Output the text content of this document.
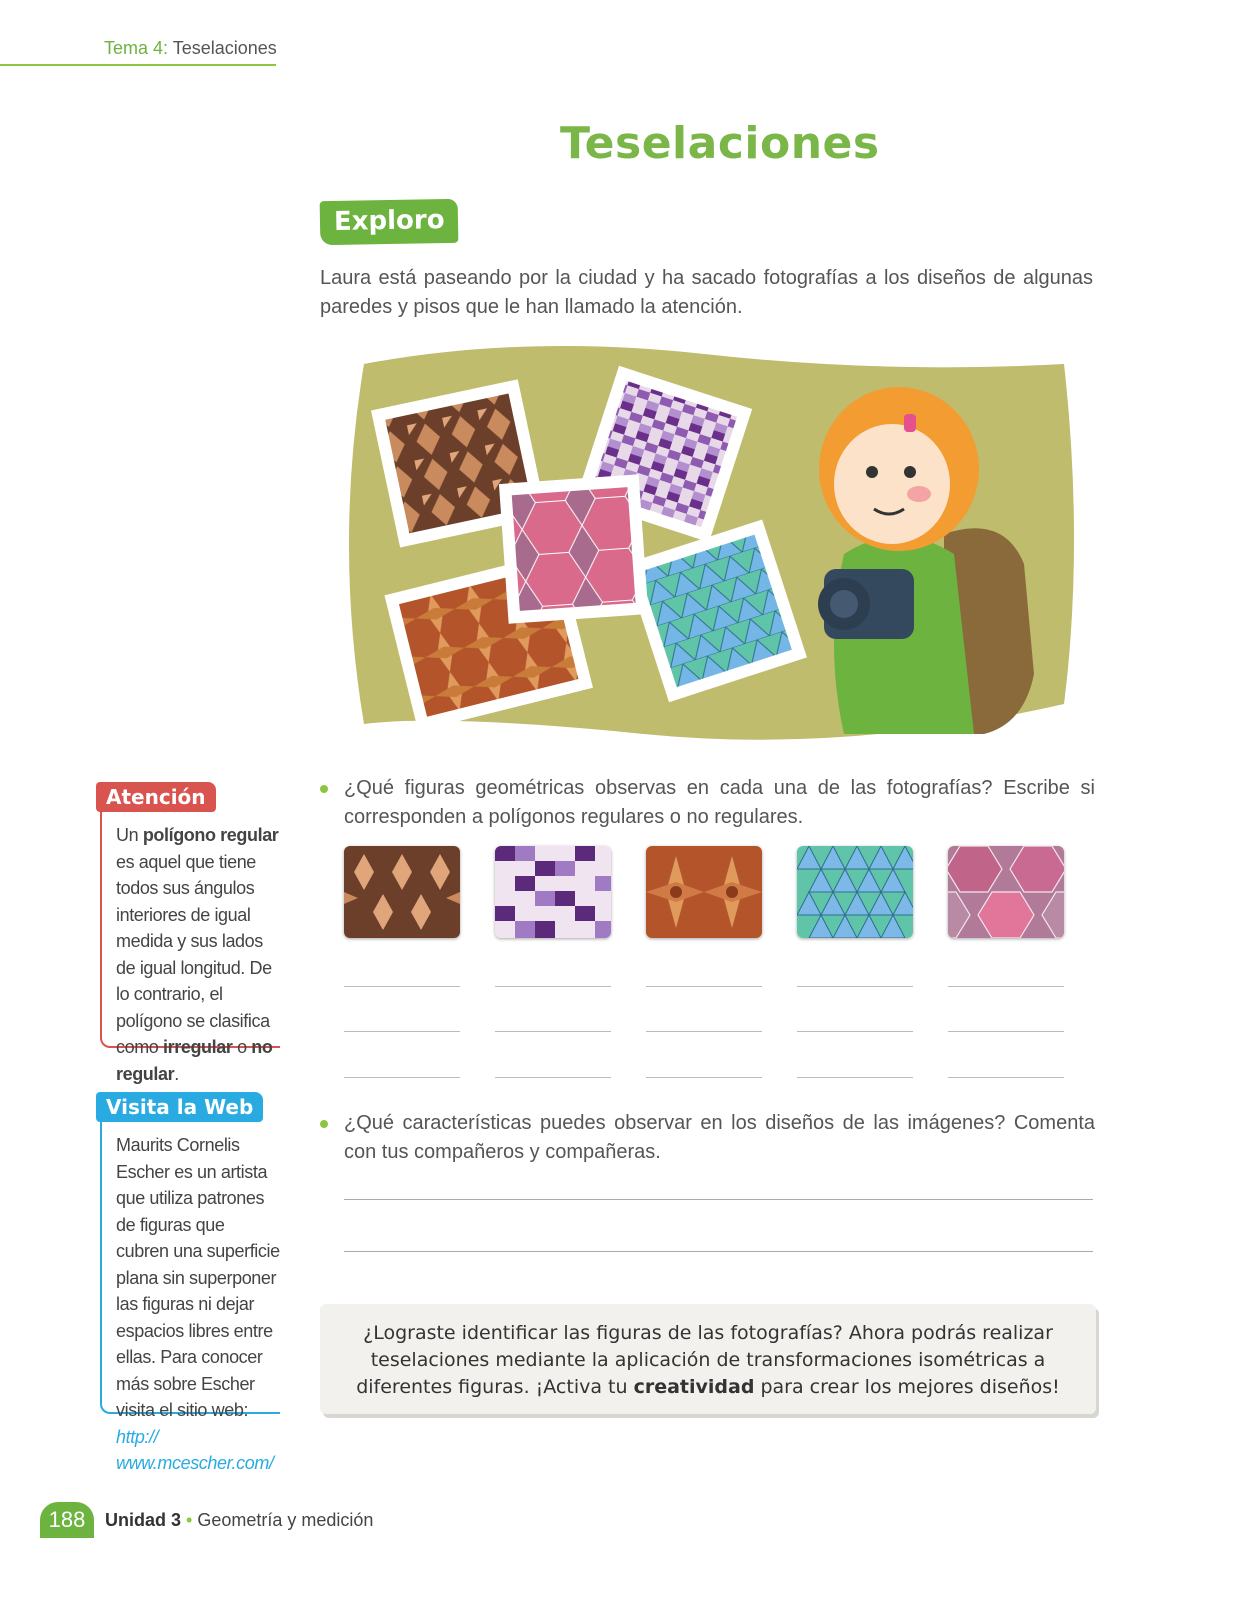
Tema 4: Teselaciones
Teselaciones
Exploro
Laura está paseando por la ciudad y ha sacado fotografías a los diseños de algunas paredes y pisos que le han llamado la atención.
Un polígono regular es aquel que tiene todos sus ángulos interiores de igual medida y sus lados de igual longitud. De lo contrario, el polígono se clasifica como irregular o no regular.
Atención
Maurits Cornelis Escher es un artista que utiliza patrones de figuras que cubren una superficie plana sin superponer las figuras ni dejar espacios libres entre ellas. Para conocer más sobre Escher visita el sitio web: http:// www.mcescher.com/
Visita la Web
¿Qué figuras geométricas observas en cada una de las fotografías? Escribe si corresponden a polígonos regulares o no regulares.
¿Qué características puedes observar en los diseños de las imágenes? Comenta con tus compañeros y compañeras.
¿Lograste identificar las figuras de las fotografías? Ahora podrás realizar teselaciones mediante la aplicación de transformaciones isométricas a diferentes figuras. ¡Activa tu creatividad para crear los mejores diseños!
188	Unidad 3 • Geometría y medición
